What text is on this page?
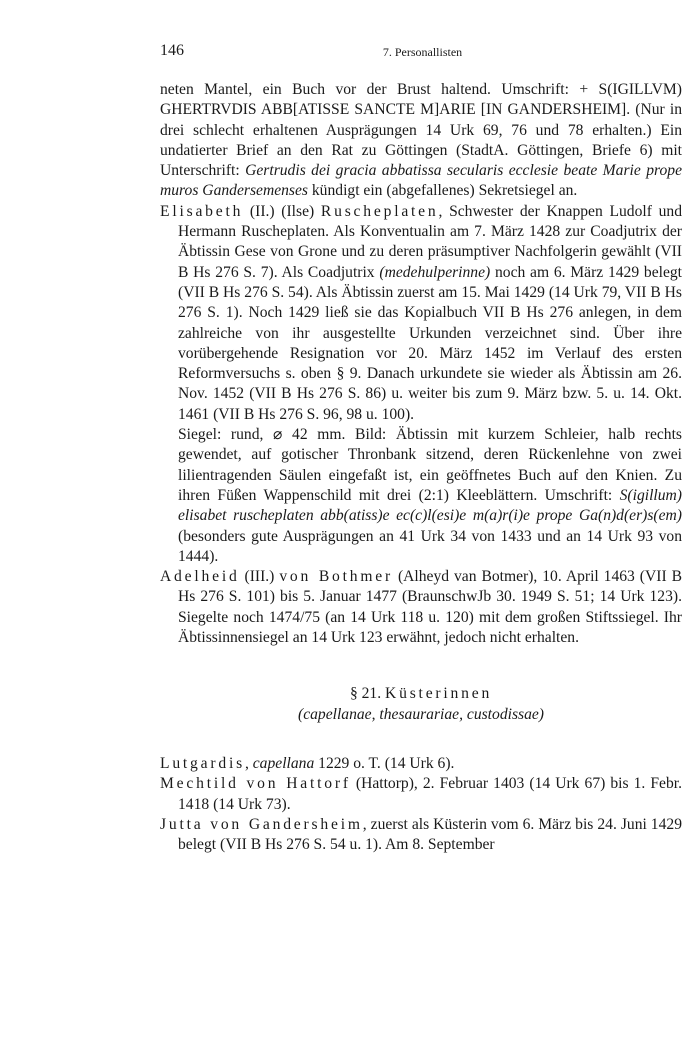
146	7. Personallisten

neten Mantel, ein Buch vor der Brust haltend. Umschrift: + S(IGILLVM) GHERTRVDIS ABB[ATISSE SANCTE M]ARIE [IN GANDERSHEIM]. (Nur in drei schlecht erhaltenen Ausprägungen 14 Urk 69, 76 und 78 erhalten.) Ein undatierter Brief an den Rat zu Göttingen (StadtA. Göttingen, Briefe 6) mit Unterschrift: Gertrudis dei gracia abbatissa secularis ecclesie beate Marie prope muros Gandersemenses kündigt ein (abgefallenes) Sekretsiegel an.

Elisabeth (II.) (Ilse) Ruscheplaten, Schwester der Knappen Ludolf und Hermann Ruscheplaten. Als Konventualin am 7. März 1428 zur Coadjutrix der Äbtissin Gese von Grone und zu deren präsumptiver Nachfolgerin gewählt (VII B Hs 276 S. 7). Als Coadjutrix (medehulperinne) noch am 6. März 1429 belegt (VII B Hs 276 S. 54). Als Äbtissin zuerst am 15. Mai 1429 (14 Urk 79, VII B Hs 276 S. 1). Noch 1429 ließ sie das Kopialbuch VII B Hs 276 anlegen, in dem zahlreiche von ihr ausgestellte Urkunden verzeichnet sind. Über ihre vorübergehende Resignation vor 20. März 1452 im Verlauf des ersten Reformversuchs s. oben § 9. Danach urkundete sie wieder als Äbtissin am 26. Nov. 1452 (VII B Hs 276 S. 86) u. weiter bis zum 9. März bzw. 5. u. 14. Okt. 1461 (VII B Hs 276 S. 96, 98 u. 100).

Siegel: rund, ⌀ 42 mm. Bild: Äbtissin mit kurzem Schleier, halb rechts gewendet, auf gotischer Thronbank sitzend, deren Rückenlehne von zwei lilientragenden Säulen eingefaßt ist, ein geöffnetes Buch auf den Knien. Zu ihren Füßen Wappenschild mit drei (2:1) Kleeblättern. Umschrift: S(igillum) elisabet ruscheplaten abb(atiss)e ec(c)l(esi)e m(a)r(i)e prope Ga(n)d(er)s(em) (besonders gute Ausprägungen an 41 Urk 34 von 1433 und an 14 Urk 93 von 1444).

Adelheid (III.) von Bothmer (Alheyd van Botmer), 10. April 1463 (VII B Hs 276 S. 101) bis 5. Januar 1477 (BraunschwJb 30. 1949 S. 51; 14 Urk 123). Siegelte noch 1474/75 (an 14 Urk 118 u. 120) mit dem großen Stiftssiegel. Ihr Äbtissinnensiegel an 14 Urk 123 erwähnt, jedoch nicht erhalten.

§ 21. Küsterinnen
(capellanae, thesaurariae, custodissae)

Lutgardis, capellana 1229 o. T. (14 Urk 6).

Mechtild von Hattorf (Hattorp), 2. Februar 1403 (14 Urk 67) bis 1. Febr. 1418 (14 Urk 73).

Jutta von Gandersheim, zuerst als Küsterin vom 6. März bis 24. Juni 1429 belegt (VII B Hs 276 S. 54 u. 1). Am 8. September
